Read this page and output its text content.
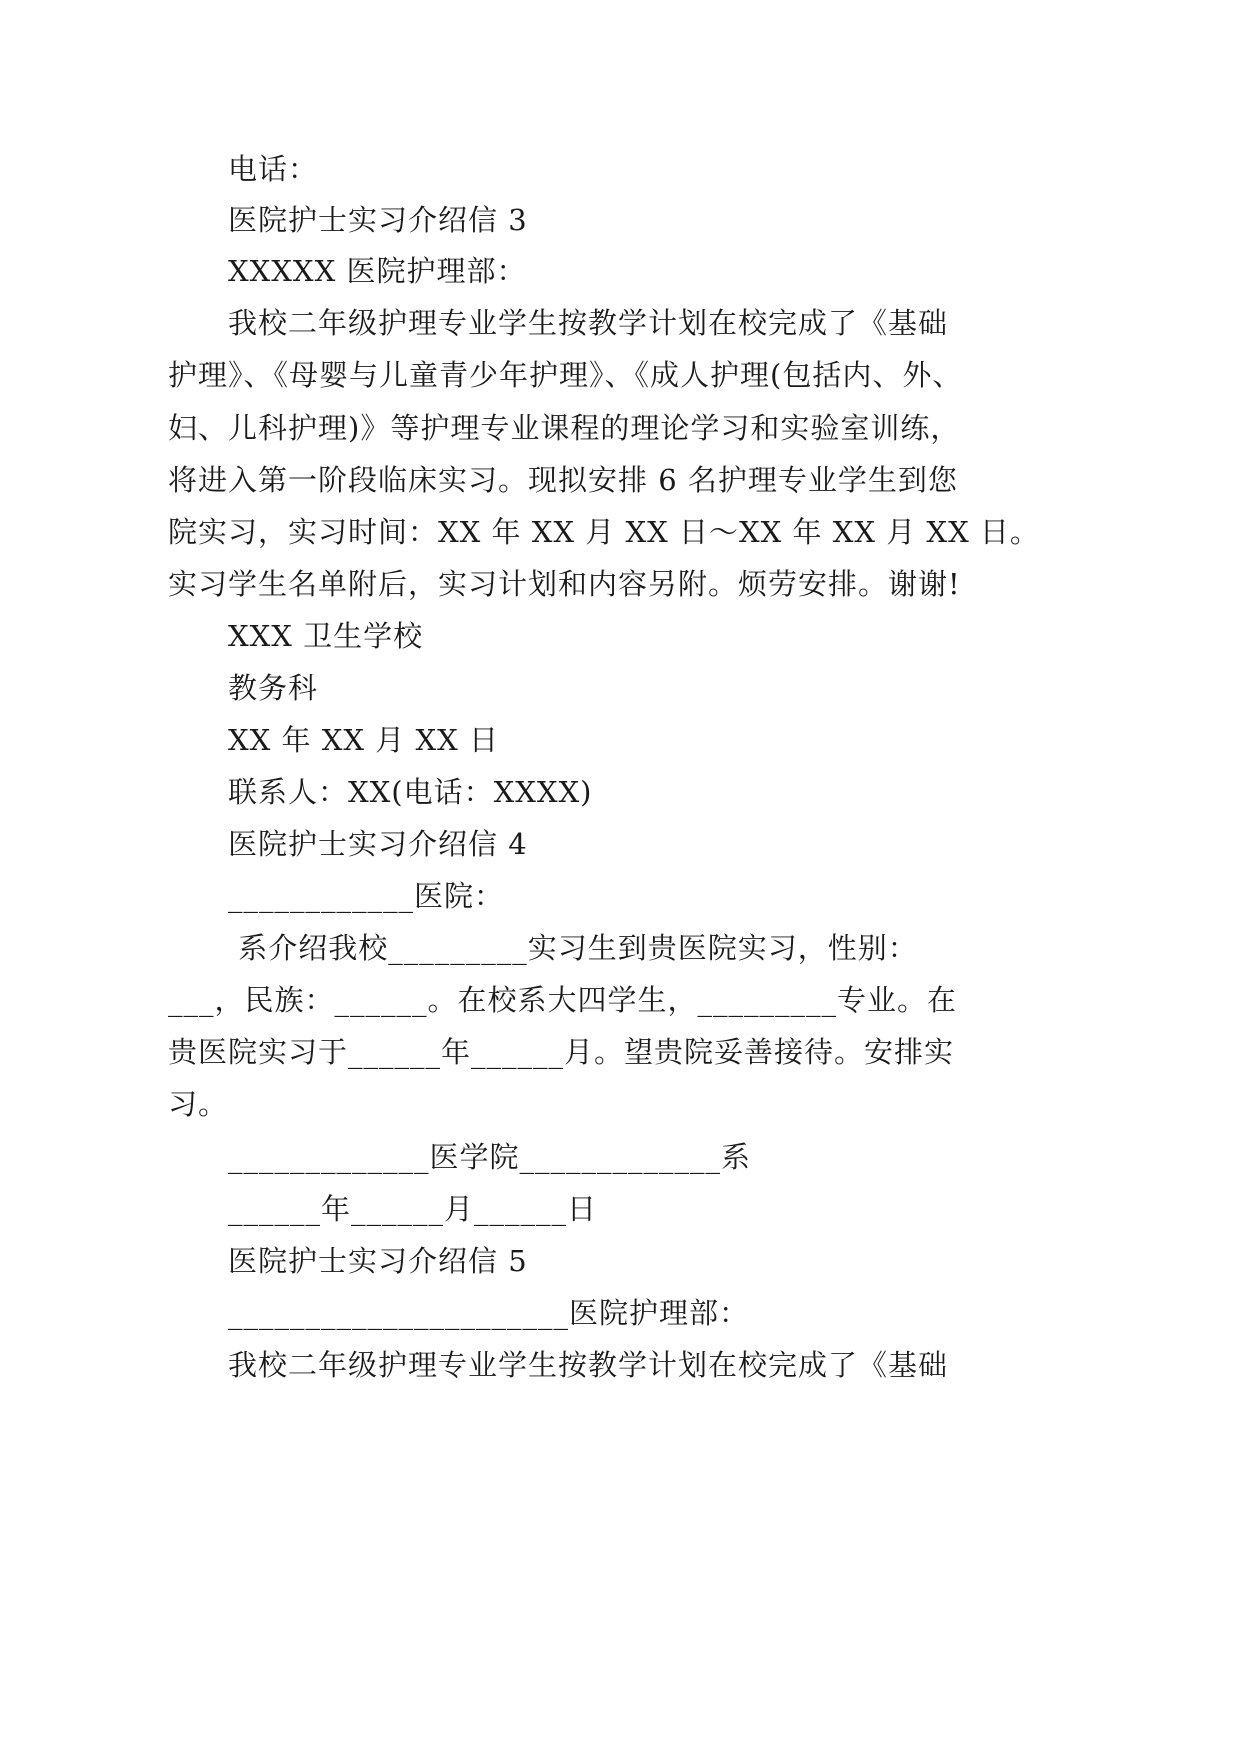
电话：
医院护士实习介绍信 3
XXXXX 医院护理部：
我校二年级护理专业学生按教学计划在校完成了《基础
护理》、《母婴与儿童青少年护理》、《成人护理(包括内、外、
妇、儿科护理)》等护理专业课程的理论学习和实验室训练，
将进入第一阶段临床实习。现拟安排 6 名护理专业学生到您
院实习，实习时间：XX 年 XX 月 XX 日～XX 年 XX 月 XX 日。
实习学生名单附后，实习计划和内容另附。烦劳安排。谢谢!
XXX 卫生学校
教务科
XX 年 XX 月 XX 日
联系人：XX(电话：XXXX)
医院护士实习介绍信 4
____________医院：
系介绍我校_________实习生到贵医院实习，性别：
___，民族：______。在校系大四学生，_________专业。在
贵医院实习于______年______月。望贵院妥善接待。安排实
习。
_____________医学院_____________系
______年______月______日
医院护士实习介绍信 5
______________________医院护理部：
我校二年级护理专业学生按教学计划在校完成了《基础
